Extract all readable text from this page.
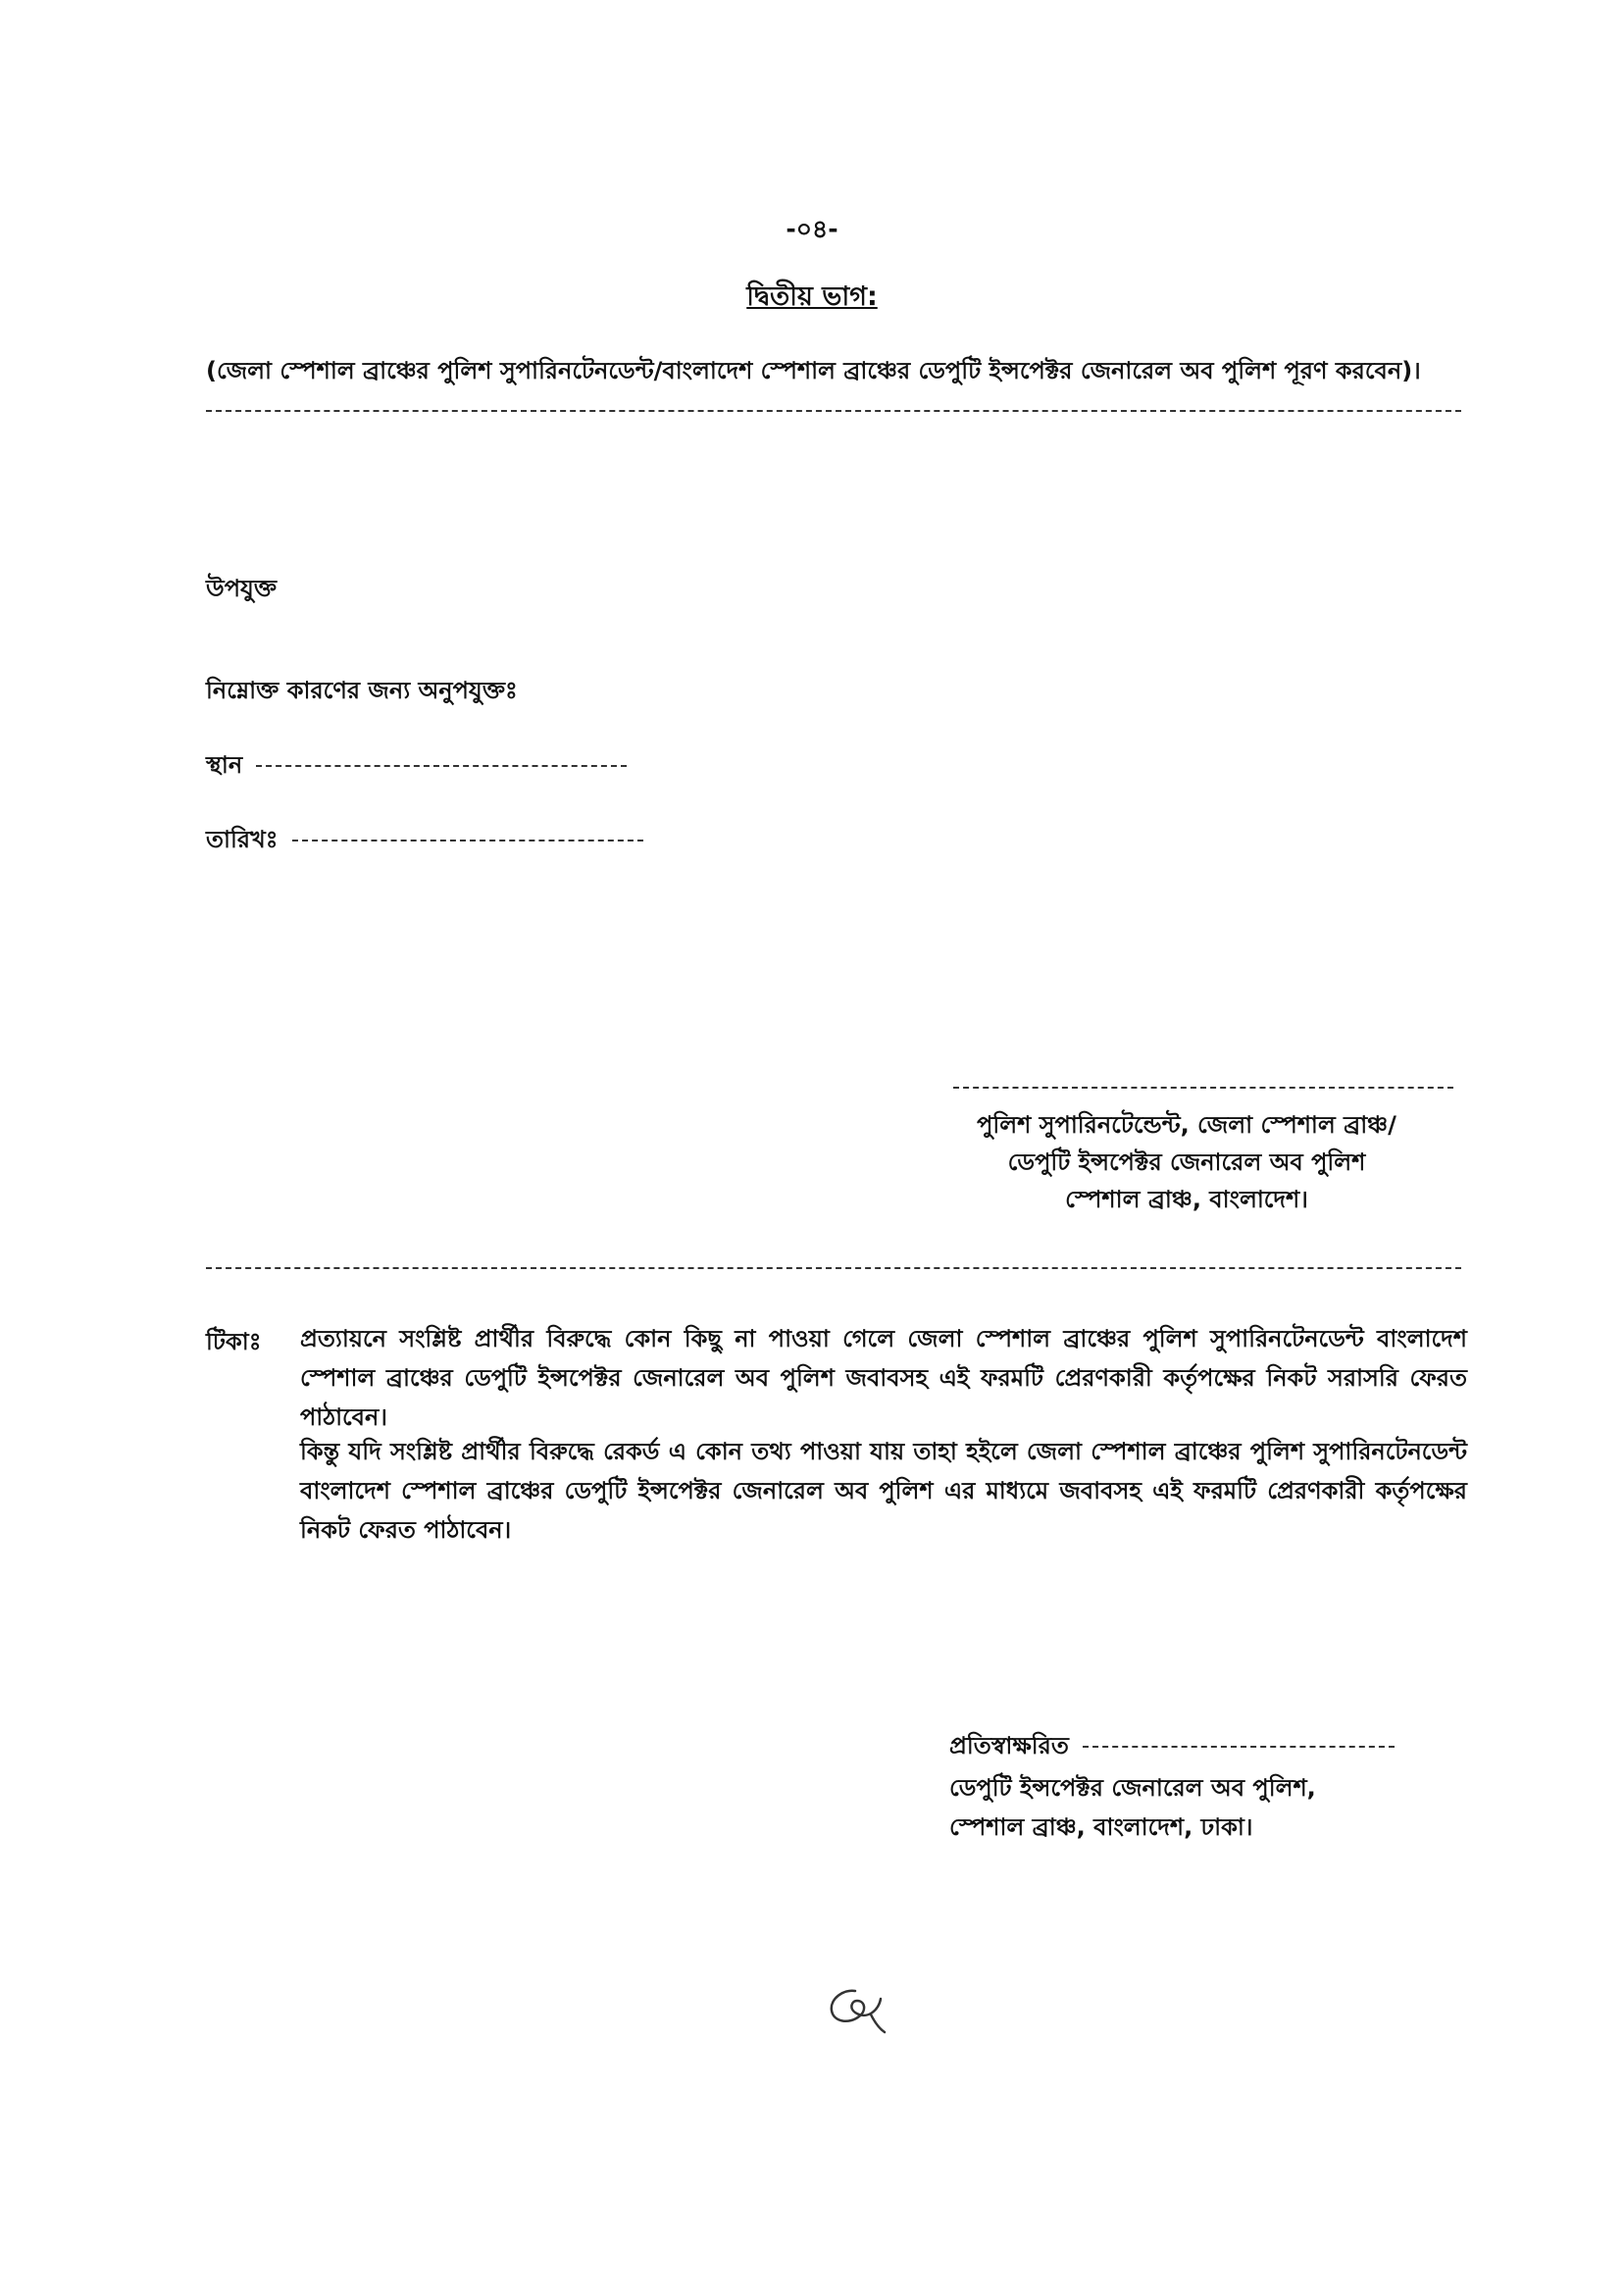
-০৪-
দ্বিতীয় ভাগ:
(জেলা স্পেশাল ব্রাঞ্চের পুলিশ সুপারিনটেনডেন্ট/বাংলাদেশ স্পেশাল ব্রাঞ্চের ডেপুটি ইন্সপেক্টর জেনারেল অব পুলিশ পূরণ করবেন)।
উপযুক্ত
নিম্নোক্ত কারণের জন্য অনুপযুক্তঃ
স্থান
তারিখঃ
পুলিশ সুপারিনটেন্ডেন্ট, জেলা স্পেশাল ব্রাঞ্চ/
ডেপুটি ইন্সপেক্টর জেনারেল অব পুলিশ
স্পেশাল ব্রাঞ্চ, বাংলাদেশ।
টিকাঃ প্রত্যায়নে সংশ্লিষ্ট প্রার্থীর বিরুদ্ধে কোন কিছু না পাওয়া গেলে জেলা স্পেশাল ব্রাঞ্চের পুলিশ সুপারিনটেনডেন্ট বাংলাদেশ স্পেশাল ব্রাঞ্চের ডেপুটি ইন্সপেক্টর জেনারেল অব পুলিশ জবাবসহ এই ফরমটি প্রেরণকারী কর্তৃপক্ষের নিকট সরাসরি ফেরত পাঠাবেন।
কিন্তু যদি সংশ্লিষ্ট প্রার্থীর বিরুদ্ধে রেকর্ড এ কোন তথ্য পাওয়া যায় তাহা হইলে জেলা স্পেশাল ব্রাঞ্চের পুলিশ সুপারিনটেনডেন্ট বাংলাদেশ স্পেশাল ব্রাঞ্চের ডেপুটি ইন্সপেক্টর জেনারেল অব পুলিশ এর মাধ্যমে জবাবসহ এই ফরমটি প্রেরণকারী কর্তৃপক্ষের নিকট ফেরত পাঠাবেন।
প্রতিস্বাক্ষরিত
ডেপুটি ইন্সপেক্টর জেনারেল অব পুলিশ,
স্পেশাল ব্রাঞ্চ, বাংলাদেশ, ঢাকা।
